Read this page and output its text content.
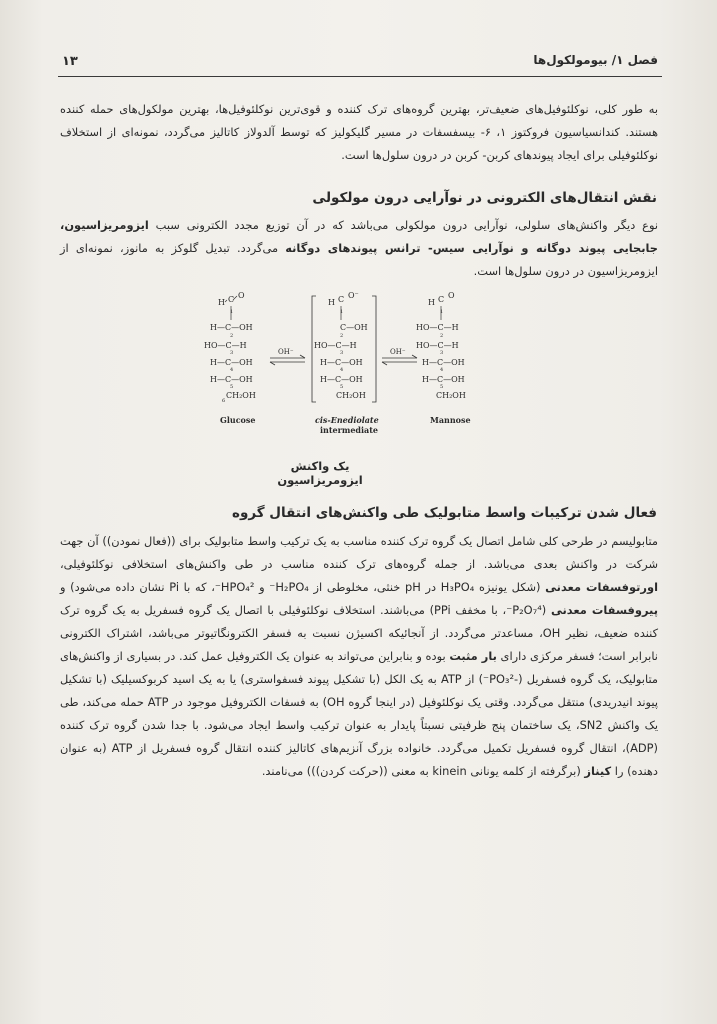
۱۳	فصل ۱/ بیومولکول‌ها

به طور کلی، نوکلئوفیل‌های ضعیف‌تر، بهترین گروه‌های ترک کننده و قوی‌ترین نوکلئوفیل‌ها، بهترین مولکول‌های حمله کننده هستند. کندانسیاسیون فروکتوز ۱، ۶- بیسفسفات در مسیر گلیکولیز که توسط آلدولاز کاتالیز می‌گردد، نمونه‌ای از استخلاف نوکلئوفیلی برای ایجاد پیوندهای کربن- کربن در درون سلول‌ها است.

نقش انتقال‌های الکترونی در نوآرایی درون مولکولی

نوع دیگر واکنش‌های سلولی، نوآرایی درون مولکولی می‌باشد که در آن توزیع مجدد الکترونی سبب ایزومریزاسیون، جابجایی پیوند دوگانه و نوآرایی سیس- ترانس پیوندهای دوگانه می‌گردد. تبدیل گلوکز به مانوز، نمونه‌ای از ایزومریزاسیون در درون سلول‌ها است.

H C O
1
H—C—OH
2
HO—C—H
3
H—C—OH
4
H—C—OH
5
CH₂OH
6
Glucose
OH⁻
H C O⁻
1
C—OH
2
HO—C—H
3
H—C—OH
4
H—C—OH
5
CH₂OH
cis-Enediolate
intermediate
OH⁻
H C O
1
HO—C—H
2
HO—C—H
3
H—C—OH
4
H—C—OH
5
CH₂OH
Mannose
یک واکنش ایزومریزاسیون
فعال شدن ترکیبات واسط متابولیک طی واکنش‌های انتقال گروه

متابولیسم در طرحی کلی شامل اتصال یک گروه ترک کننده مناسب به یک ترکیب واسط متابولیک برای ((فعال نمودن)) آن جهت شرکت در واکنش بعدی می‌باشد. از جمله گروه‌های ترک کننده مناسب در طی واکنش‌های استخلافی نوکلئوفیلی، اورتوفسفات معدنی (شکل یونیزه H₃PO₄ در pH خنثی، مخلوطی از H₂PO₄⁻ و HPO₄²⁻، که با Pi نشان داده می‌شود) و پیروفسفات معدنی (P₂O₇⁴⁻، با مخفف PPi) می‌باشند. استخلاف نوکلئوفیلی با اتصال یک گروه فسفریل به یک گروه ترک کننده ضعیف، نظیر OH، مساعدتر می‌گردد. از آنجائیکه اکسیژن نسبت به فسفر الکترونگاتیوتر می‌باشد، اشتراک الکترونی نابرابر است؛ فسفر مرکزی دارای بار مثبت بوده و بنابراین می‌تواند به عنوان یک الکتروفیل عمل کند. در بسیاری از واکنش‌های متابولیک، یک گروه فسفریل (-PO₃²⁻) از ATP به یک الکل (با تشکیل پیوند فسفواستری) یا به یک اسید کربوکسیلیک (با تشکیل پیوند انیدریدی) منتقل می‌گردد. وقتی یک نوکلئوفیل (در اینجا گروه OH) به فسفات الکتروفیل موجود در ATP حمله می‌کند، طی یک واکنش SN2، یک ساختمان پنج ظرفیتی نسبتاً پایدار به عنوان ترکیب واسط ایجاد می‌شود. با جدا شدن گروه ترک کننده (ADP)، انتقال گروه فسفریل تکمیل می‌گردد. خانواده بزرگ آنزیم‌های کاتالیز کننده انتقال گروه فسفریل از ATP (به عنوان دهنده) را کیناز (برگرفته از کلمه یونانی kinein به معنی ((حرکت کردن))) می‌نامند.
